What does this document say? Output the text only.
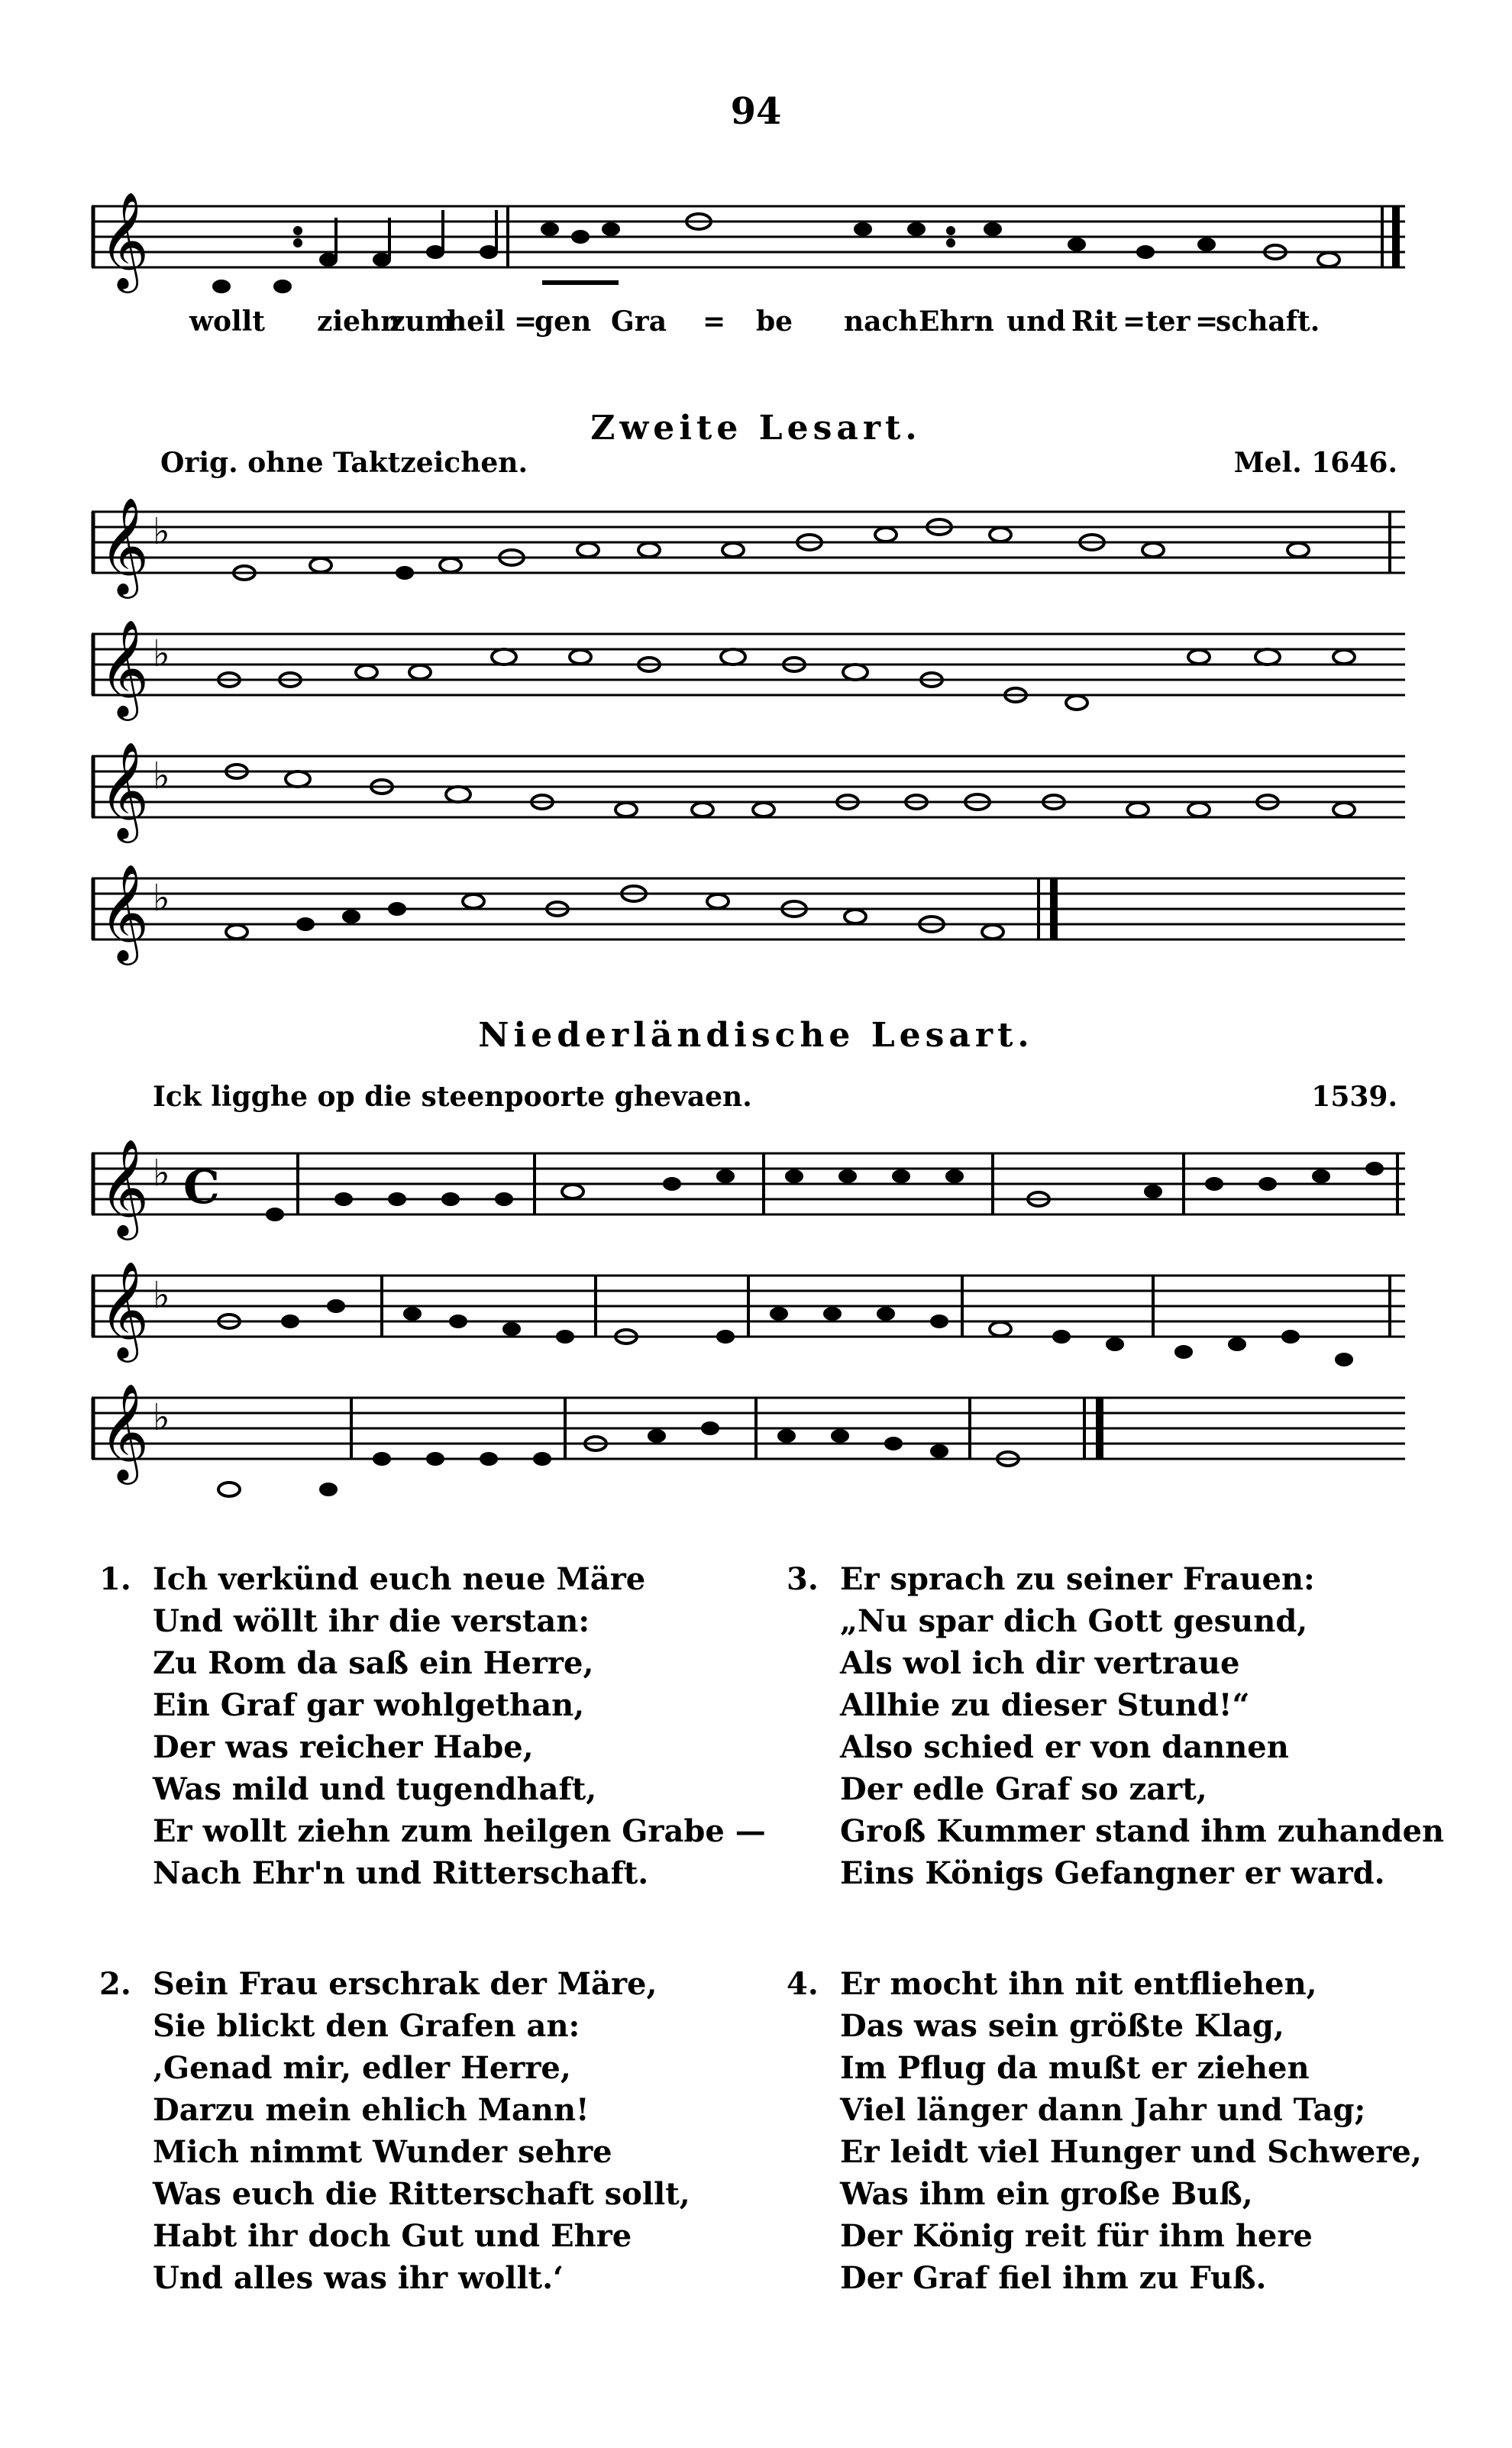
94
𝄞
wollt ziehn
zum
heil =
gen Gra = be nach Ehrn und Rit = ter =
schaft.
Zweite Lesart.
Orig. ohne Taktzeichen.	Mel. 1646.
𝄞 ♭
𝄞 ♭
𝄞 ♭
𝄞 ♭
Niederländische Lesart.
Ick ligghe op die steenpoorte ghevaen.	1539.
𝄞 ♭ C
𝄞 ♭
𝄞 ♭
1. Ich verkünd euch neue Märe
Und wöllt ihr die verstan:
Zu Rom da saß ein Herre,
Ein Graf gar wohlgethan,
Der was reicher Habe,
Was mild und tugendhaft,
Er wollt ziehn zum heilgen Grabe —
Nach Ehr'n und Ritterschaft.
2. Sein Frau erschrak der Märe,
Sie blickt den Grafen an:
‚Genad mir, edler Herre,
Darzu mein ehlich Mann!
Mich nimmt Wunder sehre
Was euch die Ritterschaft sollt,
Habt ihr doch Gut und Ehre
Und alles was ihr wollt.‘
3. Er sprach zu seiner Frauen:
„Nu spar dich Gott gesund,
Als wol ich dir vertraue
Allhie zu dieser Stund!“
Also schied er von dannen
Der edle Graf so zart,
Groß Kummer stand ihm zuhanden
Eins Königs Gefangner er ward.
4. Er mocht ihn nit entfliehen,
Das was sein größte Klag,
Im Pflug da mußt er ziehen
Viel länger dann Jahr und Tag;
Er leidt viel Hunger und Schwere,
Was ihm ein große Buß,
Der König reit für ihm here
Der Graf fiel ihm zu Fuß.
